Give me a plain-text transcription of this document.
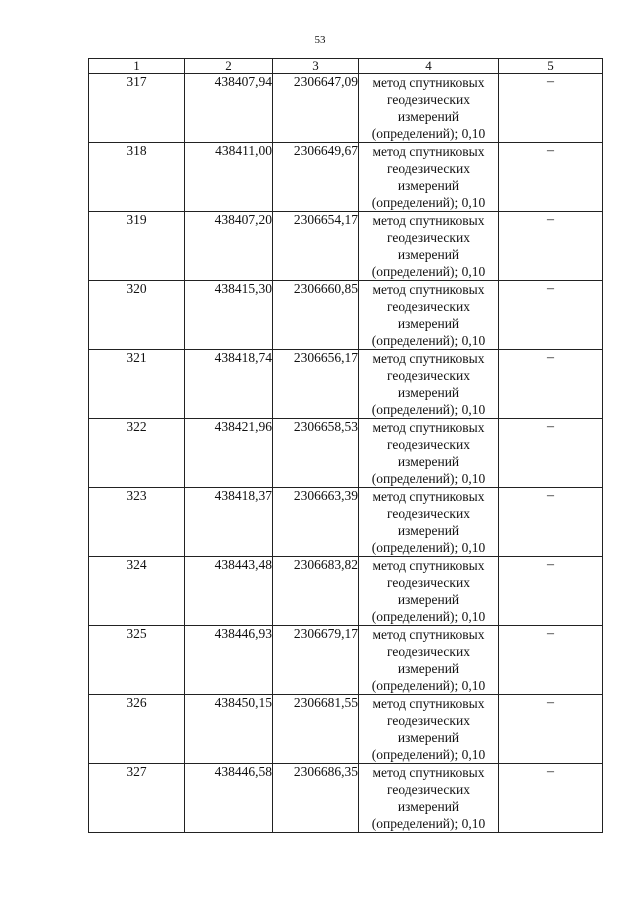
53
1	2	3	4	5
317	438407,94	2306647,09	метод спутниковых
геодезических
измерений
(определений); 0,10	–
318	438411,00	2306649,67	метод спутниковых
геодезических
измерений
(определений); 0,10	–
319	438407,20	2306654,17	метод спутниковых
геодезических
измерений
(определений); 0,10	–
320	438415,30	2306660,85	метод спутниковых
геодезических
измерений
(определений); 0,10	–
321	438418,74	2306656,17	метод спутниковых
геодезических
измерений
(определений); 0,10	–
322	438421,96	2306658,53	метод спутниковых
геодезических
измерений
(определений); 0,10	–
323	438418,37	2306663,39	метод спутниковых
геодезических
измерений
(определений); 0,10	–
324	438443,48	2306683,82	метод спутниковых
геодезических
измерений
(определений); 0,10	–
325	438446,93	2306679,17	метод спутниковых
геодезических
измерений
(определений); 0,10	–
326	438450,15	2306681,55	метод спутниковых
геодезических
измерений
(определений); 0,10	–
327	438446,58	2306686,35	метод спутниковых
геодезических
измерений
(определений); 0,10	–
